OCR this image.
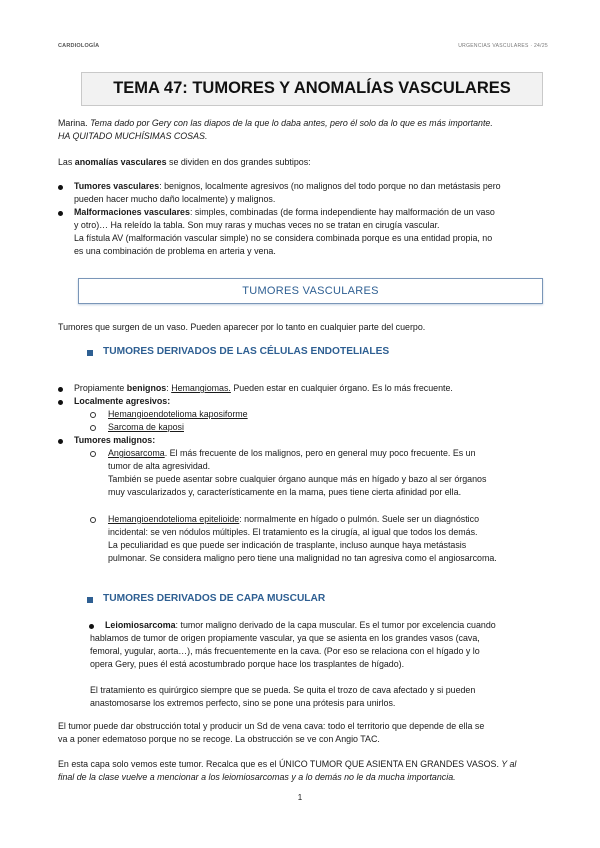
CARDIOLOGÍA	URGENCIAS VASCULARES · 24/25
TEMA 47: TUMORES Y ANOMALÍAS VASCULARES

Marina. Tema dado por Gery con las diapos de la que lo daba antes, pero él solo da lo que es más importante.

HA QUITADO MUCHÍSIMAS COSAS.

Las anomalías vasculares se dividen en dos grandes subtipos:

Tumores vasculares: benignos, localmente agresivos (no malignos del todo porque no dan metástasis pero

pueden hacer mucho daño localmente) y malignos.

Malformaciones vasculares: simples, combinadas (de forma independiente hay malformación de un vaso

y otro)… Ha releído la tabla. Son muy raras y muchas veces no se tratan en cirugía vascular.

La fístula AV (malformación vascular simple) no se considera combinada porque es una entidad propia, no

es una combinación de problema en arteria y vena.

TUMORES VASCULARES

Tumores que surgen de un vaso. Pueden aparecer por lo tanto en cualquier parte del cuerpo.

TUMORES DERIVADOS DE LAS CÉLULAS ENDOTELIALES

Propiamente benignos: Hemangiomas. Pueden estar en cualquier órgano. Es lo más frecuente.

Localmente agresivos:

Hemangioendotelioma kaposiforme

Sarcoma de kaposi

Tumores malignos:

Angiosarcoma. El más frecuente de los malignos, pero en general muy poco frecuente. Es un

tumor de alta agresividad.

También se puede asentar sobre cualquier órgano aunque más en hígado y bazo al ser órganos

muy vascularizados y, característicamente en la mama, pues tiene cierta afinidad por ella.

Hemangioendotelioma epitelioide: normalmente en hígado o pulmón. Suele ser un diagnóstico

incidental: se ven nódulos múltiples. El tratamiento es la cirugía, al igual que todos los demás.

La peculiaridad es que puede ser indicación de trasplante, incluso aunque haya metástasis

pulmonar. Se considera maligno pero tiene una malignidad no tan agresiva como el angiosarcoma.

TUMORES DERIVADOS DE CAPA MUSCULAR

Leiomiosarcoma: tumor maligno derivado de la capa muscular. Es el tumor por excelencia cuando

hablamos de tumor de origen propiamente vascular, ya que se asienta en los grandes vasos (cava,

femoral, yugular, aorta…), más frecuentemente en la cava. (Por eso se relaciona con el hígado y lo

opera Gery, pues él está acostumbrado porque hace los trasplantes de hígado).

El tratamiento es quirúrgico siempre que se pueda. Se quita el trozo de cava afectado y si pueden

anastomosarse los extremos perfecto, sino se pone una prótesis para unirlos.

El tumor puede dar obstrucción total y producir un Sd de vena cava: todo el territorio que depende de ella se

va a poner edematoso porque no se recoge. La obstrucción se ve con Angio TAC.

En esta capa solo vemos este tumor. Recalca que es el ÚNICO TUMOR QUE ASIENTA EN GRANDES VASOS. Y al

final de la clase vuelve a mencionar a los leiomiosarcomas y a lo demás no le da mucha importancia.

1
